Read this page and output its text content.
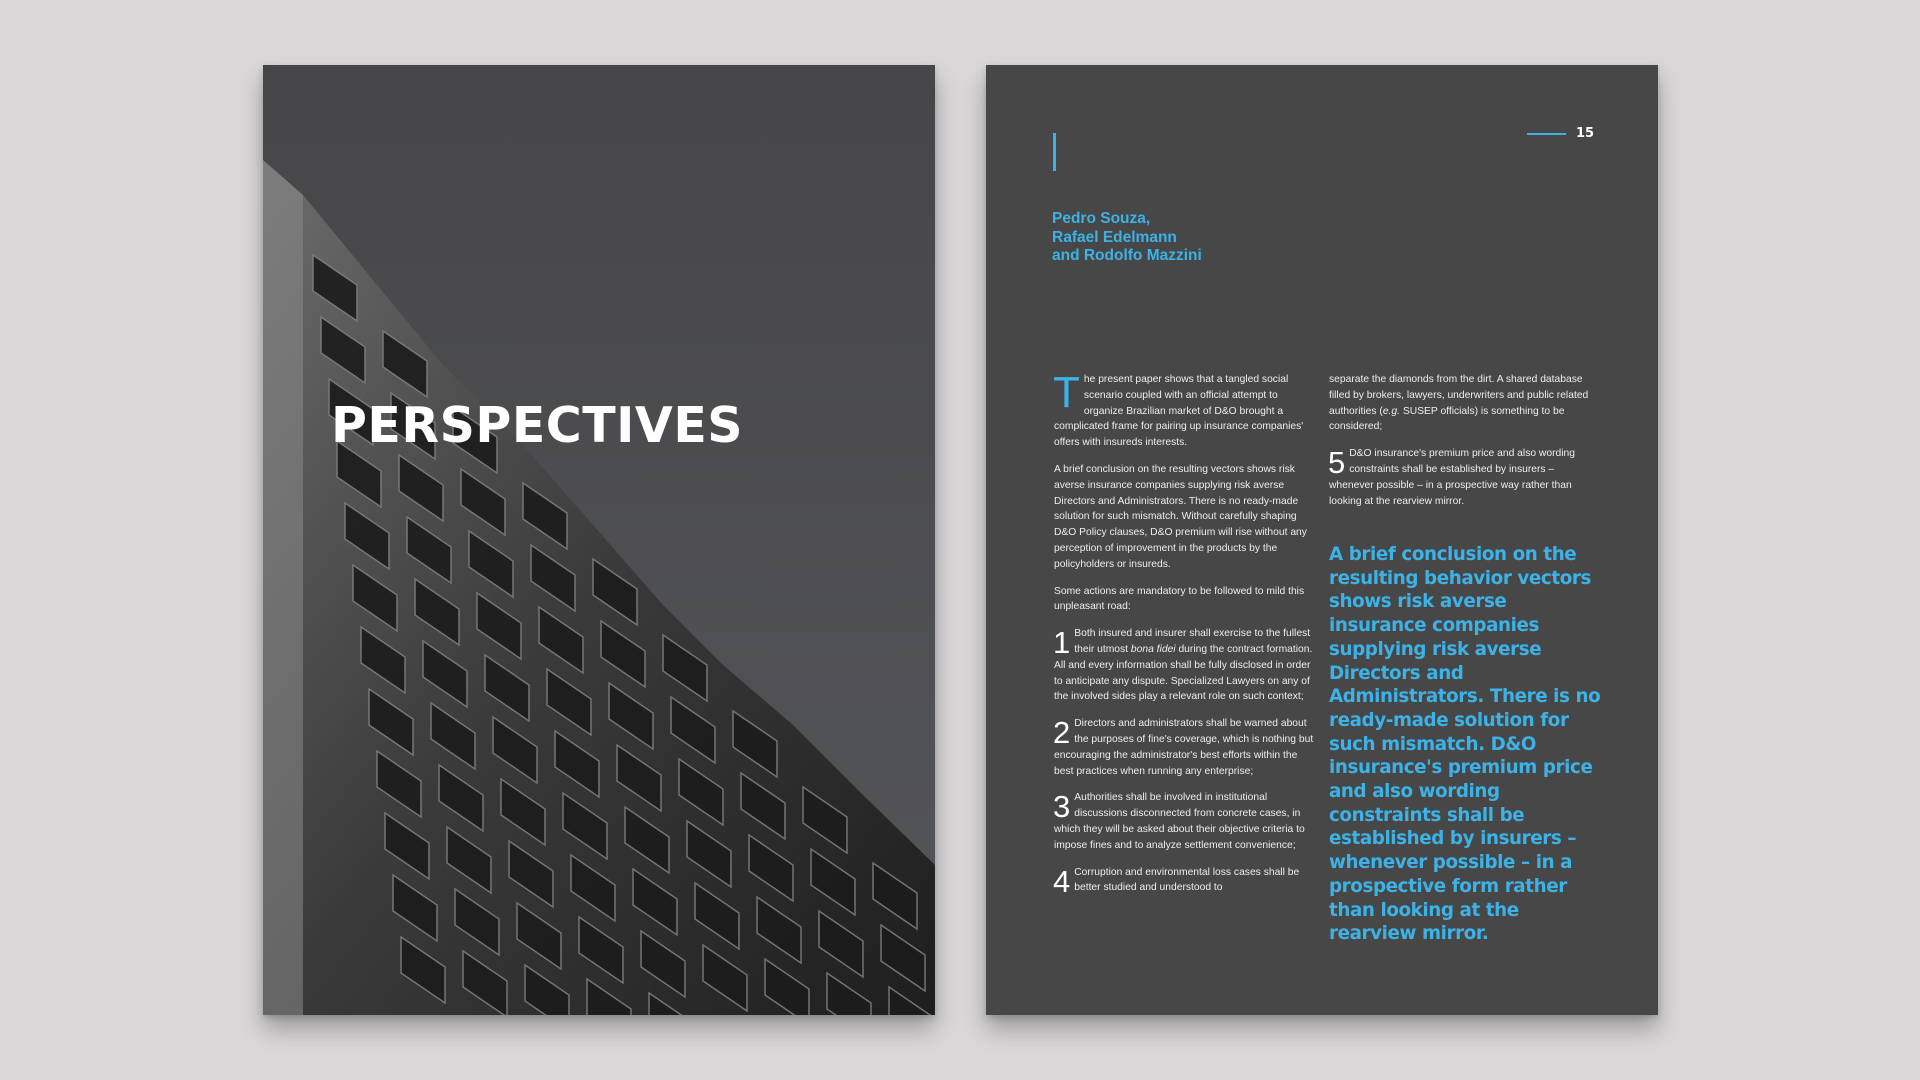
PERSPECTIVES
15
Pedro Souza,
Rafael Edelmann
and Rodolfo Mazzini

T he present paper shows that a tangled social scenario coupled with an official attempt to organize Brazilian market of D&O brought a complicated frame for pairing up insurance companies' offers with insureds interests.

A brief conclusion on the resulting vectors shows risk averse insurance companies supplying risk averse Directors and Administrators. There is no ready-made solution for such mismatch. Without carefully shaping D&O Policy clauses, D&O premium will rise without any perception of improvement in the products by the policyholders or insureds.

Some actions are mandatory to be followed to mild this unpleasant road:

1 Both insured and insurer shall exercise to the fullest their utmost bona fidei during the contract formation. All and every information shall be fully disclosed in order to anticipate any dispute. Specialized Lawyers on any of the involved sides play a relevant role on such context;
2 Directors and administrators shall be warned about the purposes of fine's coverage, which is nothing but encouraging the administrator's best efforts within the best practices when running any enterprise;
3 Authorities shall be involved in institutional discussions disconnected from concrete cases, in which they will be asked about their objective criteria to impose fines and to analyze settlement convenience;
4 Corruption and environmental loss cases shall be better studied and understood to

separate the diamonds from the dirt. A shared database filled by brokers, lawyers, underwriters and public related authorities (e.g. SUSEP officials) is something to be considered;

5 D&O insurance's premium price and also wording constraints shall be established by insurers – whenever possible – in a prospective way rather than looking at the rearview mirror.

A brief conclusion on the resulting behavior vectors shows risk averse insurance companies supplying risk averse Directors and Administrators. There is no ready-made solution for such mismatch. D&O insurance's premium price and also wording constraints shall be established by insurers – whenever possible – in a prospective form rather than looking at the rearview mirror.
